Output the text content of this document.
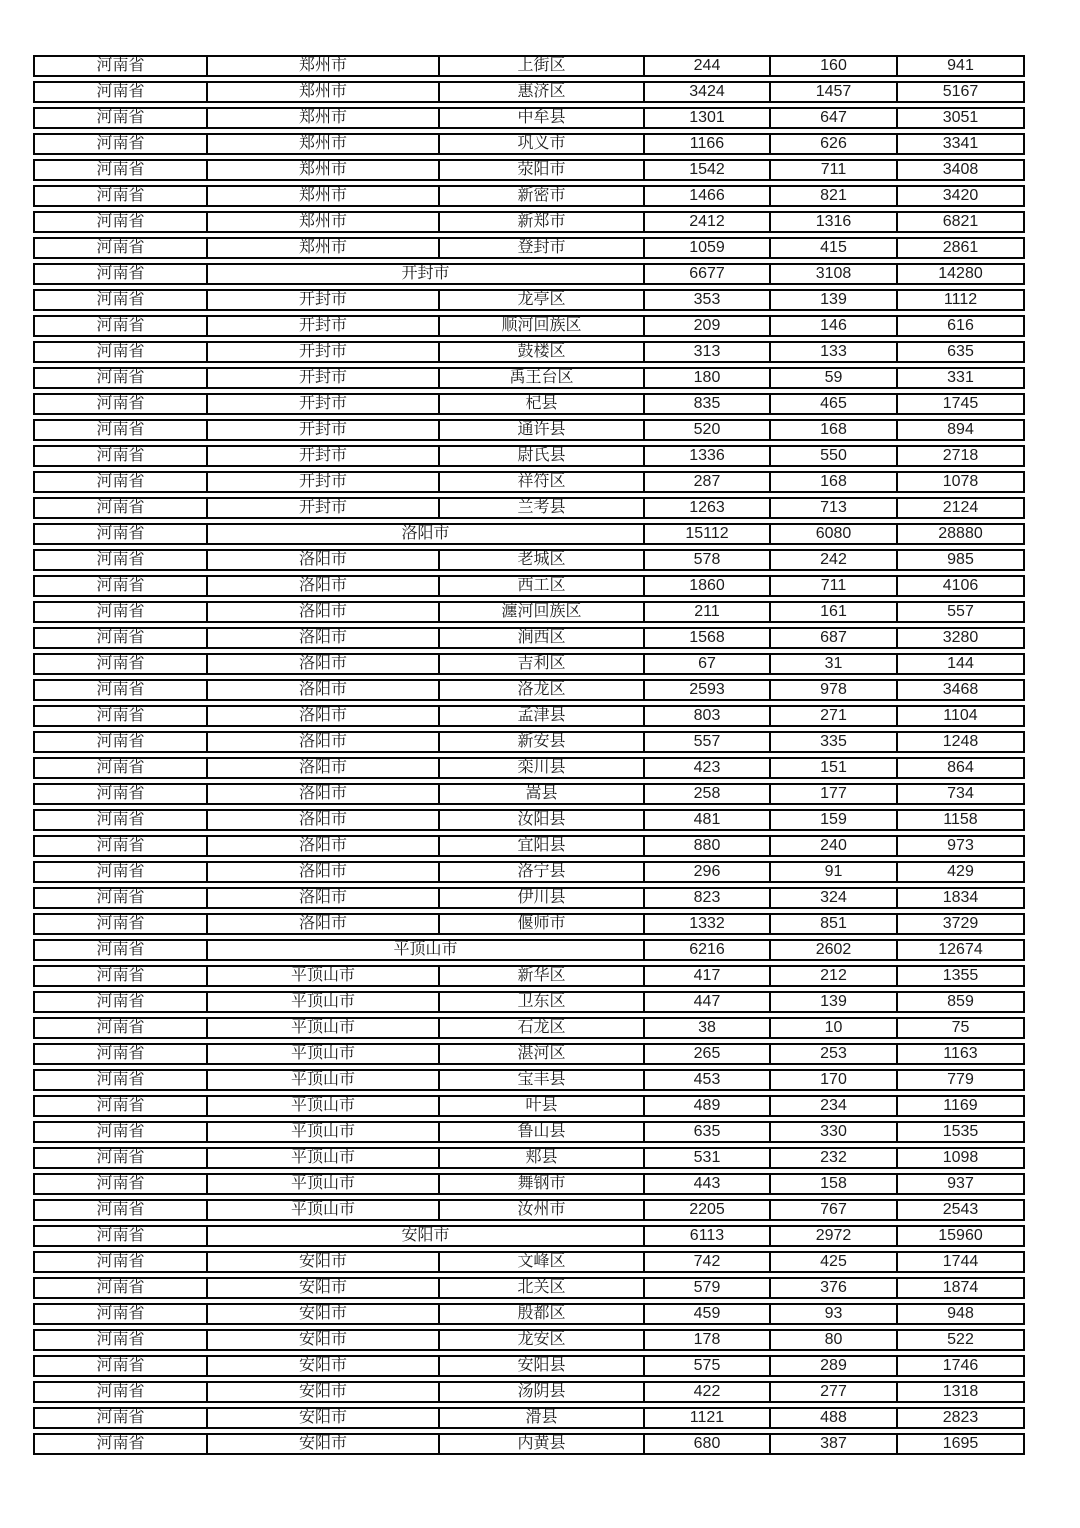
河南省	郑州市	上街区	244	160	941
河南省	郑州市	惠济区	3424	1457	5167
河南省	郑州市	中牟县	1301	647	3051
河南省	郑州市	巩义市	1166	626	3341
河南省	郑州市	荥阳市	1542	711	3408
河南省	郑州市	新密市	1466	821	3420
河南省	郑州市	新郑市	2412	1316	6821
河南省	郑州市	登封市	1059	415	2861
河南省	开封市		6677	3108	14280
河南省	开封市	龙亭区	353	139	1112
河南省	开封市	顺河回族区	209	146	616
河南省	开封市	鼓楼区	313	133	635
河南省	开封市	禹王台区	180	59	331
河南省	开封市	杞县	835	465	1745
河南省	开封市	通许县	520	168	894
河南省	开封市	尉氏县	1336	550	2718
河南省	开封市	祥符区	287	168	1078
河南省	开封市	兰考县	1263	713	2124
河南省	洛阳市		15112	6080	28880
河南省	洛阳市	老城区	578	242	985
河南省	洛阳市	西工区	1860	711	4106
河南省	洛阳市	瀍河回族区	211	161	557
河南省	洛阳市	涧西区	1568	687	3280
河南省	洛阳市	吉利区	67	31	144
河南省	洛阳市	洛龙区	2593	978	3468
河南省	洛阳市	孟津县	803	271	1104
河南省	洛阳市	新安县	557	335	1248
河南省	洛阳市	栾川县	423	151	864
河南省	洛阳市	嵩县	258	177	734
河南省	洛阳市	汝阳县	481	159	1158
河南省	洛阳市	宜阳县	880	240	973
河南省	洛阳市	洛宁县	296	91	429
河南省	洛阳市	伊川县	823	324	1834
河南省	洛阳市	偃师市	1332	851	3729
河南省	平顶山市		6216	2602	12674
河南省	平顶山市	新华区	417	212	1355
河南省	平顶山市	卫东区	447	139	859
河南省	平顶山市	石龙区	38	10	75
河南省	平顶山市	湛河区	265	253	1163
河南省	平顶山市	宝丰县	453	170	779
河南省	平顶山市	叶县	489	234	1169
河南省	平顶山市	鲁山县	635	330	1535
河南省	平顶山市	郏县	531	232	1098
河南省	平顶山市	舞钢市	443	158	937
河南省	平顶山市	汝州市	2205	767	2543
河南省	安阳市		6113	2972	15960
河南省	安阳市	文峰区	742	425	1744
河南省	安阳市	北关区	579	376	1874
河南省	安阳市	殷都区	459	93	948
河南省	安阳市	龙安区	178	80	522
河南省	安阳市	安阳县	575	289	1746
河南省	安阳市	汤阴县	422	277	1318
河南省	安阳市	滑县	1121	488	2823
河南省	安阳市	内黄县	680	387	1695
